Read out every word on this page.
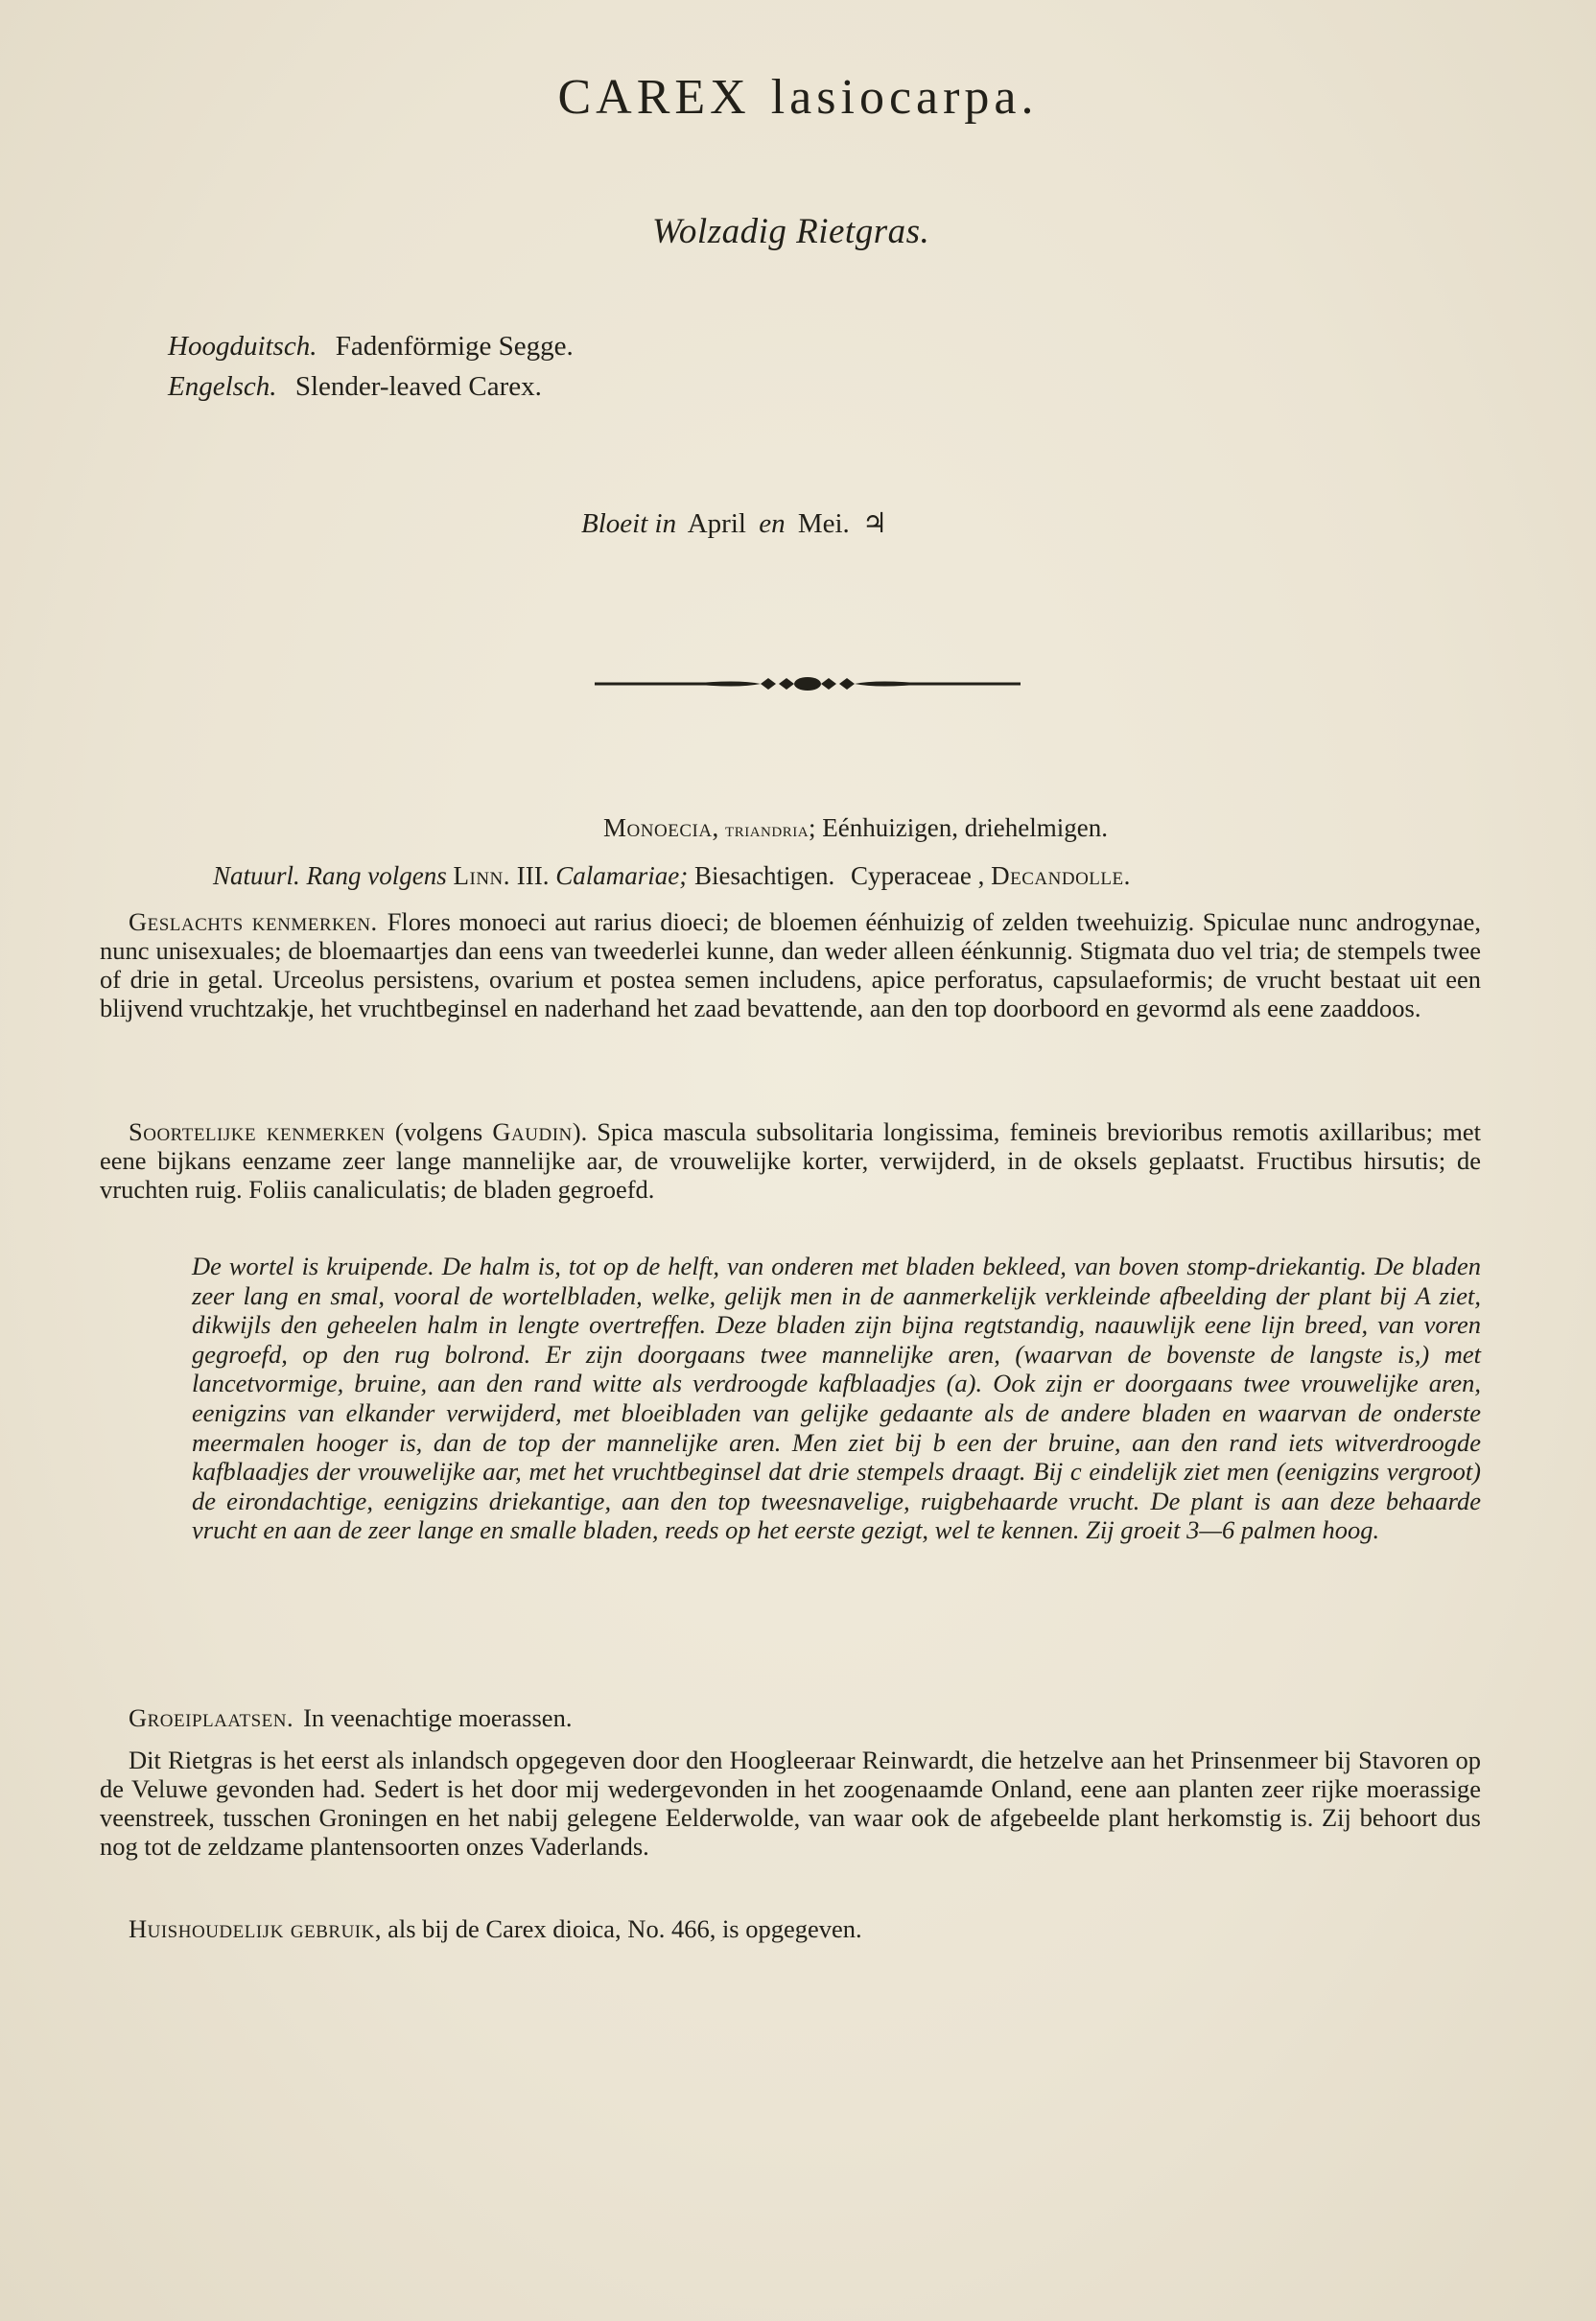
CAREX lasiocarpa.
Wolzadig Rietgras.
Hoogduitsch. Fadenförmige Segge.
Engelsch. Slender-leaved Carex.
Bloeit in April en Mei. ♃
Monoecia, triandria; Eénhuizigen, driehelmigen.
Natuurl. Rang volgens Linn. III. Calamariae; Biesachtigen. Cyperaceae , Decandolle.

Geslachts kenmerken. Flores monoeci aut rarius dioeci; de bloemen éénhuizig of zelden tweehuizig. Spiculae nunc androgynae, nunc unisexuales; de bloemaartjes dan eens van tweederlei kunne, dan weder alleen éénkunnig. Stigmata duo vel tria; de stempels twee of drie in getal. Urceolus persistens, ovarium et postea semen includens, apice perforatus, capsulaeformis; de vrucht bestaat uit een blijvend vruchtzakje, het vruchtbeginsel en naderhand het zaad bevattende, aan den top doorboord en gevormd als eene zaaddoos.

Soortelijke kenmerken (volgens Gaudin). Spica mascula subsolitaria longissima, femineis brevioribus remotis axillaribus; met eene bijkans eenzame zeer lange mannelijke aar, de vrouwelijke korter, verwijderd, in de oksels geplaatst. Fructibus hirsutis; de vruchten ruig. Foliis canaliculatis; de bladen gegroefd.

De wortel is kruipende. De halm is, tot op de helft, van onderen met bladen bekleed, van boven stomp-driekantig. De bladen zeer lang en smal, vooral de wortelbladen, welke, gelijk men in de aanmerkelijk verkleinde afbeelding der plant bij A ziet, dikwijls den geheelen halm in lengte overtreffen. Deze bladen zijn bijna regtstandig, naauwlijk eene lijn breed, van voren gegroefd, op den rug bolrond. Er zijn doorgaans twee mannelijke aren, (waarvan de bovenste de langste is,) met lancetvormige, bruine, aan den rand witte als verdroogde kafblaadjes (a). Ook zijn er doorgaans twee vrouwelijke aren, eenigzins van elkander verwijderd, met bloeibladen van gelijke gedaante als de andere bladen en waarvan de onderste meermalen hooger is, dan de top der mannelijke aren. Men ziet bij b een der bruine, aan den rand iets witverdroogde kafblaadjes der vrouwelijke aar, met het vruchtbeginsel dat drie stempels draagt. Bij c eindelijk ziet men (eenigzins vergroot) de eirondachtige, eenigzins driekantige, aan den top tweesnavelige, ruigbehaarde vrucht. De plant is aan deze behaarde vrucht en aan de zeer lange en smalle bladen, reeds op het eerste gezigt, wel te kennen. Zij groeit 3—6 palmen hoog.

Groeiplaatsen. In veenachtige moerassen.

Dit Rietgras is het eerst als inlandsch opgegeven door den Hoogleeraar Reinwardt, die hetzelve aan het Prinsenmeer bij Stavoren op de Veluwe gevonden had. Sedert is het door mij wedergevonden in het zoogenaamde Onland, eene aan planten zeer rijke moerassige veenstreek, tusschen Groningen en het nabij gelegene Eelderwolde, van waar ook de afgebeelde plant herkomstig is. Zij behoort dus nog tot de zeldzame plantensoorten onzes Vaderlands.

Huishoudelijk gebruik, als bij de Carex dioica, No. 466, is opgegeven.
